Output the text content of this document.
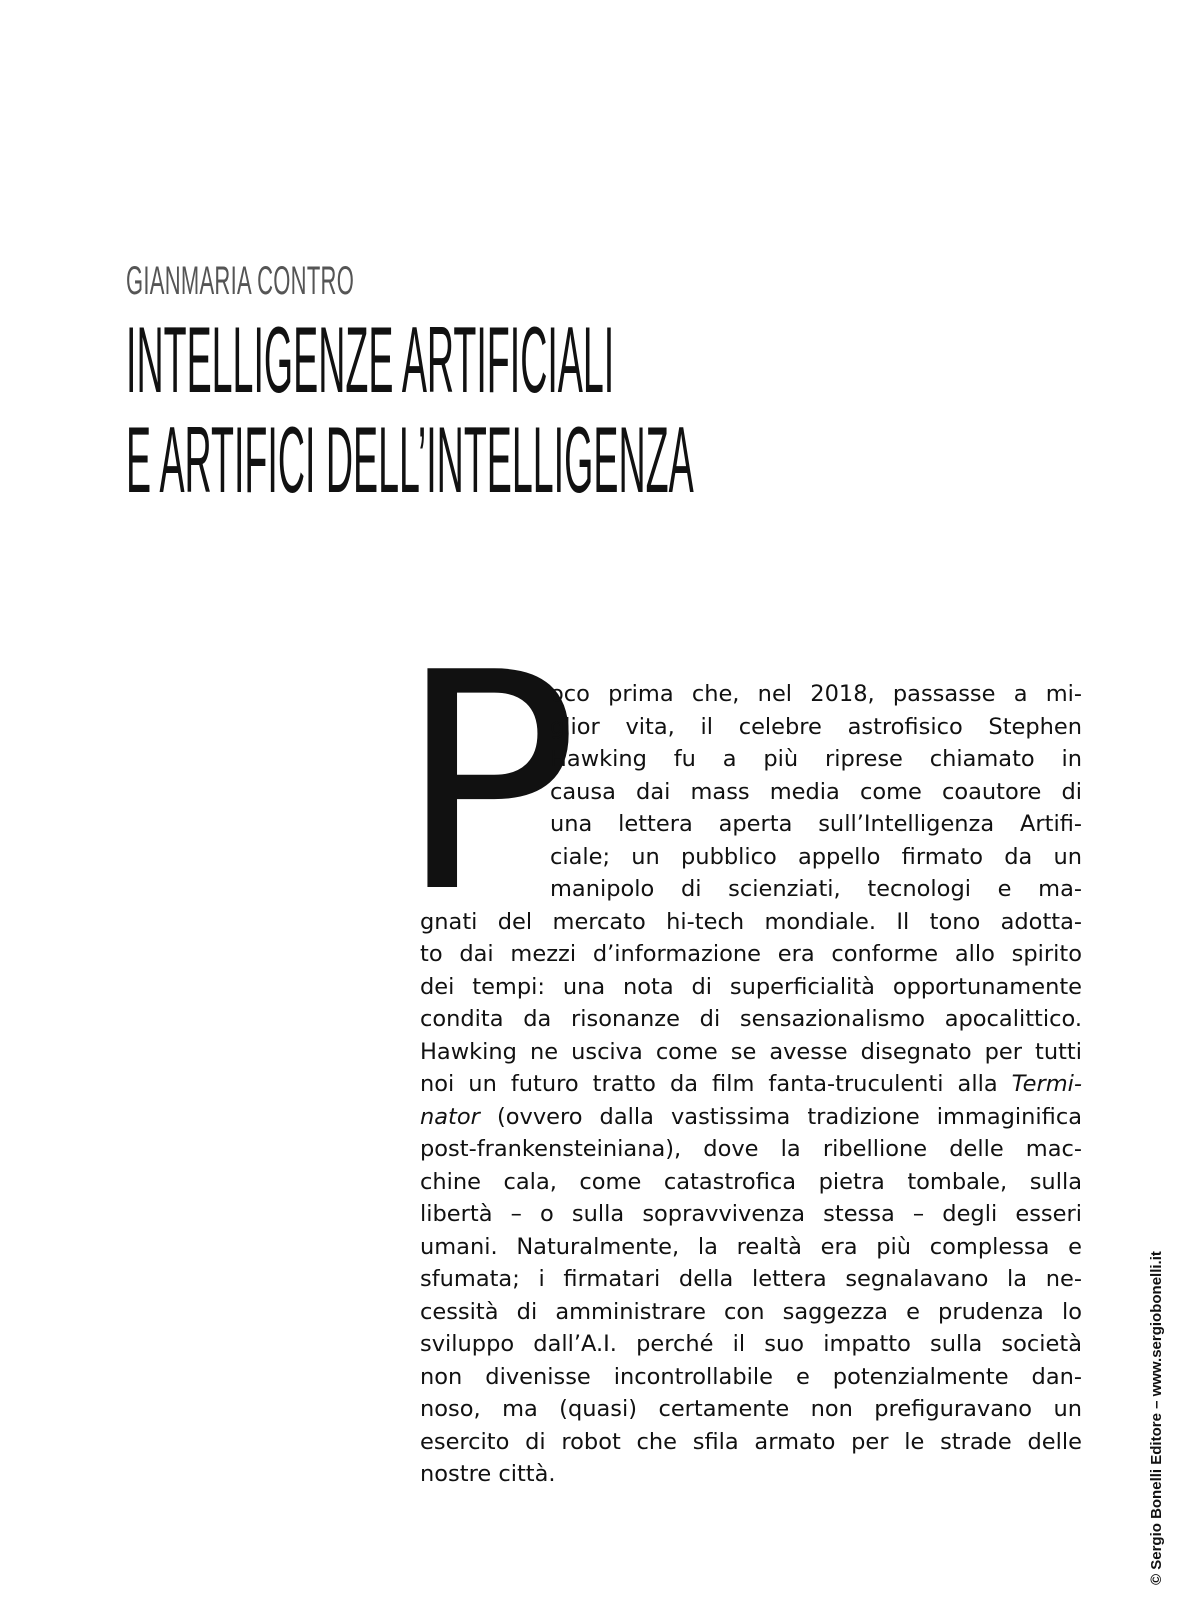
GIANMARIA CONTRO
INTELLIGENZE ARTIFICIALI
E ARTIFICI DELL’INTELLIGENZA
P
oco prima che, nel 2018, passasse a mi-
glior vita, il celebre astrofisico Stephen
Hawking fu a più riprese chiamato in
causa dai mass media come coautore di
una lettera aperta sull’Intelligenza Artifi-
ciale; un pubblico appello firmato da un
manipolo di scienziati, tecnologi e ma-
gnati del mercato hi-tech mondiale. Il tono adotta-
to dai mezzi d’informazione era conforme allo spirito
dei tempi: una nota di superficialità opportunamente
condita da risonanze di sensazionalismo apocalittico.
Hawking ne usciva come se avesse disegnato per tutti
noi un futuro tratto da film fanta-truculenti alla Termi-
nator (ovvero dalla vastissima tradizione immaginifica
post-frankensteiniana), dove la ribellione delle mac-
chine cala, come catastrofica pietra tombale, sulla
libertà – o sulla sopravvivenza stessa – degli esseri
umani. Naturalmente, la realtà era più complessa e
sfumata; i firmatari della lettera segnalavano la ne-
cessità di amministrare con saggezza e prudenza lo
sviluppo dall’A.I. perché il suo impatto sulla società
non divenisse incontrollabile e potenzialmente dan-
noso, ma (quasi) certamente non prefiguravano un
esercito di robot che sfila armato per le strade delle
nostre città.	© Sergio Bonelli Editore – www.sergiobonelli.it
